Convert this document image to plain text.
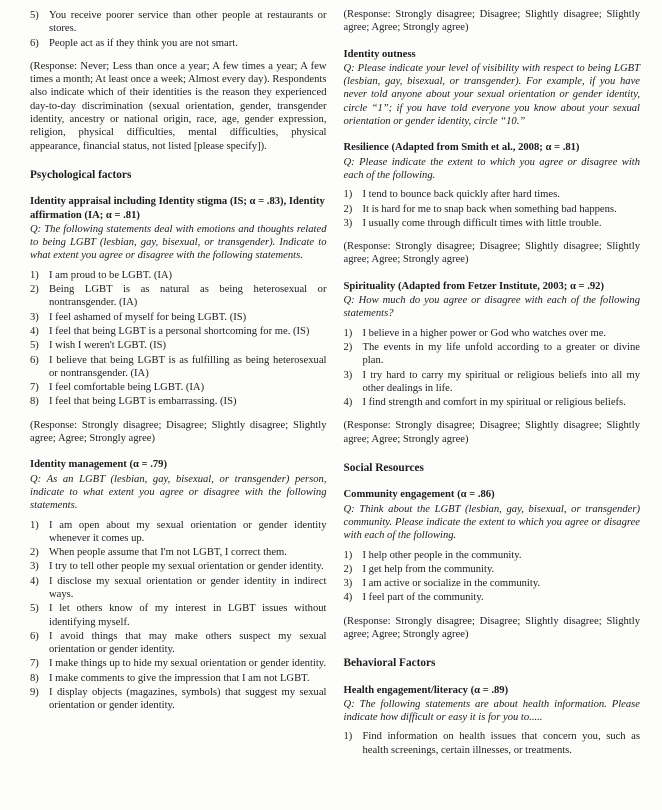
5) You receive poorer service than other people at restaurants or stores.
6) People act as if they think you are not smart.
(Response: Never; Less than once a year; A few times a year; A few times a month; At least once a week; Almost every day). Respondents also indicate which of their identities is the reason they experienced day-to-day discrimination (sexual orientation, gender, transgender identity, ancestry or national origin, race, age, gender expression, religion, physical difficulties, mental difficulties, physical appearance, financial status, not listed [please specify]).
Psychological factors
Identity appraisal including Identity stigma (IS; α = .83), Identity affirmation (IA; α = .81)
Q: The following statements deal with emotions and thoughts related to being LGBT (lesbian, gay, bisexual, or transgender). Indicate to what extent you agree or disagree with the following statements.
1) I am proud to be LGBT. (IA)
2) Being LGBT is as natural as being heterosexual or nontransgender. (IA)
3) I feel ashamed of myself for being LGBT. (IS)
4) I feel that being LGBT is a personal shortcoming for me. (IS)
5) I wish I weren't LGBT. (IS)
6) I believe that being LGBT is as fulfilling as being heterosexual or nontransgender. (IA)
7) I feel comfortable being LGBT. (IA)
8) I feel that being LGBT is embarrassing. (IS)
(Response: Strongly disagree; Disagree; Slightly disagree; Slightly agree; Agree; Strongly agree)
Identity management (α = .79)
Q: As an LGBT (lesbian, gay, bisexual, or transgender) person, indicate to what extent you agree or disagree with the following statements.
1) I am open about my sexual orientation or gender identity whenever it comes up.
2) When people assume that I'm not LGBT, I correct them.
3) I try to tell other people my sexual orientation or gender identity.
4) I disclose my sexual orientation or gender identity in indirect ways.
5) I let others know of my interest in LGBT issues without identifying myself.
6) I avoid things that may make others suspect my sexual orientation or gender identity.
7) I make things up to hide my sexual orientation or gender identity.
8) I make comments to give the impression that I am not LGBT.
9) I display objects (magazines, symbols) that suggest my sexual orientation or gender identity.
(Response: Strongly disagree; Disagree; Slightly disagree; Slightly agree; Agree; Strongly agree)
Identity outness
Q: Please indicate your level of visibility with respect to being LGBT (lesbian, gay, bisexual, or transgender). For example, if you have never told anyone about your sexual orientation or gender identity, circle “1”; if you have told everyone you know about your sexual orientation or gender identity, circle “10.”
Resilience (Adapted from Smith et al., 2008; α = .81)
Q: Please indicate the extent to which you agree or disagree with each of the following.
1) I tend to bounce back quickly after hard times.
2) It is hard for me to snap back when something bad happens.
3) I usually come through difficult times with little trouble.
(Response: Strongly disagree; Disagree; Slightly disagree; Slightly agree; Agree; Strongly agree)
Spirituality (Adapted from Fetzer Institute, 2003; α = .92)
Q: How much do you agree or disagree with each of the following statements?
1) I believe in a higher power or God who watches over me.
2) The events in my life unfold according to a greater or divine plan.
3) I try hard to carry my spiritual or religious beliefs into all my other dealings in life.
4) I find strength and comfort in my spiritual or religious beliefs.
(Response: Strongly disagree; Disagree; Slightly disagree; Slightly agree; Agree; Strongly agree)
Social Resources
Community engagement (α = .86)
Q: Think about the LGBT (lesbian, gay, bisexual, or transgender) community. Please indicate the extent to which you agree or disagree with each of the following.
1) I help other people in the community.
2) I get help from the community.
3) I am active or socialize in the community.
4) I feel part of the community.
(Response: Strongly disagree; Disagree; Slightly disagree; Slightly agree; Agree; Strongly agree)
Behavioral Factors
Health engagement/literacy (α = .89)
Q: The following statements are about health information. Please indicate how difficult or easy it is for you to.....
1) Find information on health issues that concern you, such as health screenings, certain illnesses, or treatments.
